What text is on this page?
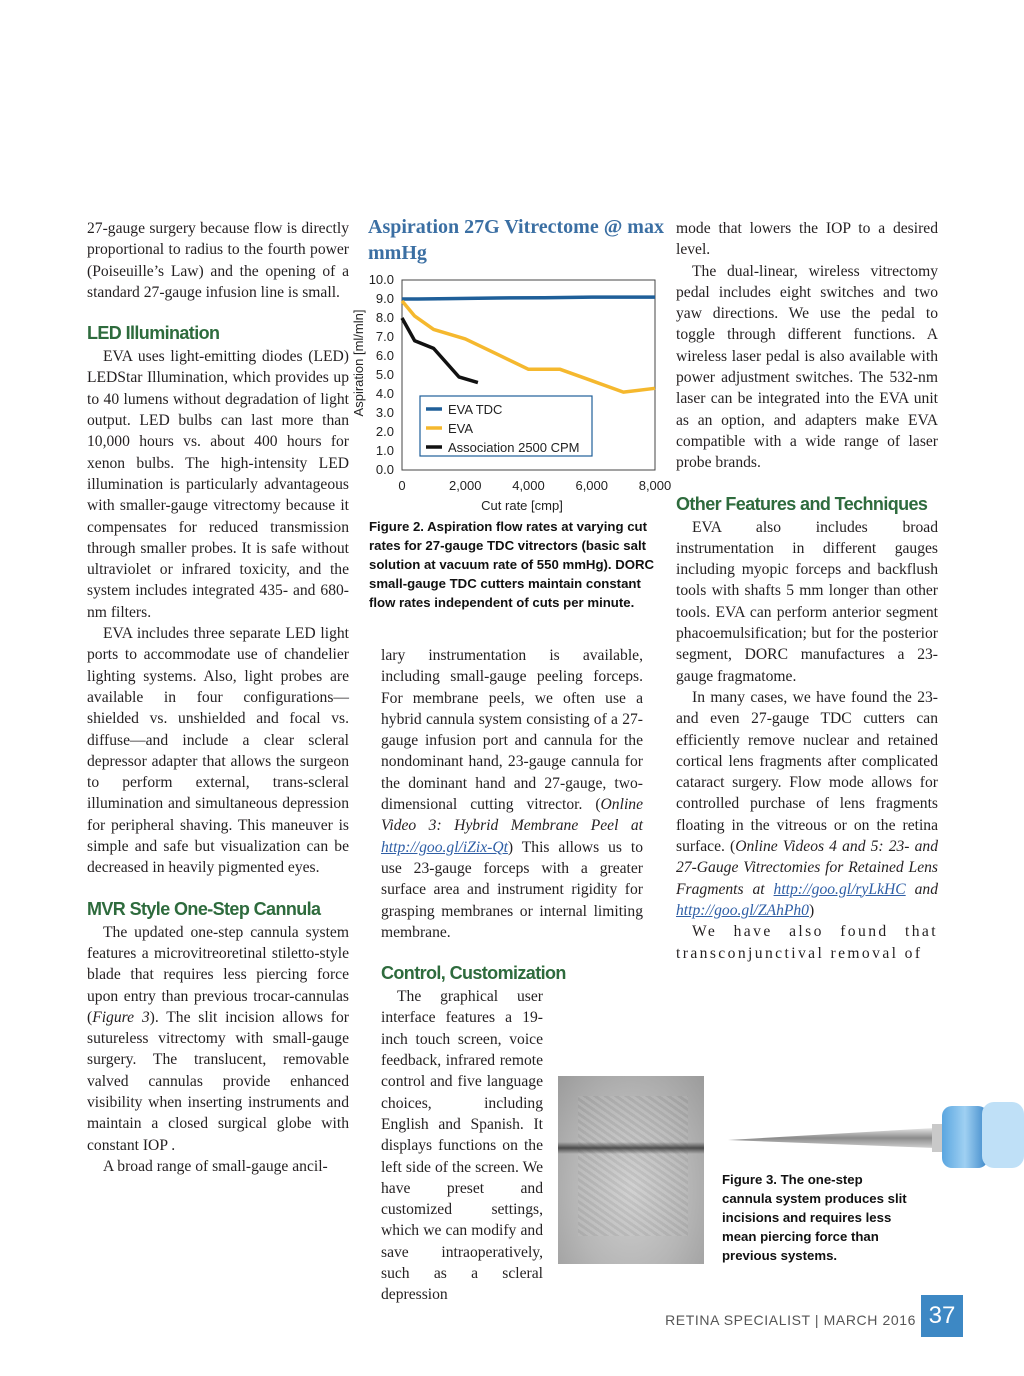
27-gauge surgery because flow is directly proportional to radius to the fourth power (Poiseuille’s Law) and the opening of a standard 27-gauge infusion line is small.

LED Illumination

EVA uses light-emitting diodes (LED) LEDStar Illumination, which provides up to 40 lumens without degradation of light output. LED bulbs can last more than 10,000 hours vs. about 400 hours for xenon bulbs. The high-intensity LED illumination is particularly advantageous with smaller-gauge vitrectomy because it compensates for reduced transmission through smaller probes. It is safe without ultraviolet or infrared toxicity, and the system includes integrated 435- and 680-nm filters.

EVA includes three separate LED light ports to accommodate use of chandelier lighting systems. Also, light probes are available in four configurations—shielded vs. unshielded and focal vs. diffuse—and include a clear scleral depressor adapter that allows the surgeon to perform external, trans-scleral illumination and simultaneous depression for peripheral shaving. This maneuver is simple and safe but visualization can be decreased in heavily pigmented eyes.

MVR Style One-Step Cannula

The updated one-step cannula system features a microvitreoretinal stiletto-style blade that requires less piercing force upon entry than previous trocar-cannulas (Figure 3). The slit incision allows for sutureless vitrectomy with small-gauge surgery. The translucent, removable valved cannulas provide enhanced visibility when inserting instruments and maintain a closed surgical globe with constant IOP .

A broad range of small-gauge ancil-

Aspiration 27G Vitrectome @ max mmHg
0.0
1.0
2.0
3.0
4.0
5.0
6.0
7.0
8.0
9.0
10.0
0	2,000 4,000 6,000 8,000
EVA TDC
EVA
Association 2500 CPM
Aspiration [ml/mln]
Cut rate [cmp]
Figure 2. Aspiration flow rates at varying cut rates for 27-gauge TDC vitrectors (basic salt solution at vacuum rate of 550 mmHg). DORC small-gauge TDC cutters maintain constant flow rates independent of cuts per minute.

lary instrumentation is available, including small-gauge peeling forceps. For membrane peels, we often use a hybrid cannula system consisting of a 27-gauge infusion port and cannula for the nondominant hand, 23-gauge cannula for the dominant hand and 27-gauge, two-dimensional cutting vitrector. (Online Video 3: Hybrid Membrane Peel at http://goo.gl/iZix-Qt) This allows us to use 23-gauge forceps with a greater surface area and instrument rigidity for grasping membranes or internal limiting membrane.

Control, Customization

The graphical user interface features a 19-inch touch screen, voice feedback, infrared remote control and five language choices, including English and Spanish. It displays functions on the left side of the screen. We have preset and customized settings, which we can modify and save intraoperatively, such as a scleral depression

mode that lowers the IOP to a desired level.

The dual-linear, wireless vitrectomy pedal includes eight switches and two yaw directions. We use the pedal to toggle through different functions. A wireless laser pedal is also available with power adjustment switches. The 532-nm laser can be integrated into the EVA unit as an option, and adapters make EVA compatible with a wide range of laser probe brands.

Other Features and Techniques

EVA also includes broad instrumentation in different gauges including myopic forceps and backflush tools with shafts 5 mm longer than other tools. EVA can perform anterior segment phacoemulsification; but for the posterior segment, DORC manufactures a 23-gauge fragmatome.

In many cases, we have found the 23- and even 27-gauge TDC cutters can efficiently remove nuclear and retained cortical lens fragments after complicated cataract surgery. Flow mode allows for controlled purchase of lens fragments floating in the vitreous or on the retina surface. (Online Videos 4 and 5: 23- and 27-Gauge Vitrectomies for Retained Lens Fragments at http://goo.gl/ryLkHC and http://goo.gl/ZAhPh0)

We have also found that transconjunctival removal of

Figure 3. The one-step cannula system produces slit incisions and requires less mean piercing force than previous systems.
RETINA SPECIALIST | MARCH 2016 37
